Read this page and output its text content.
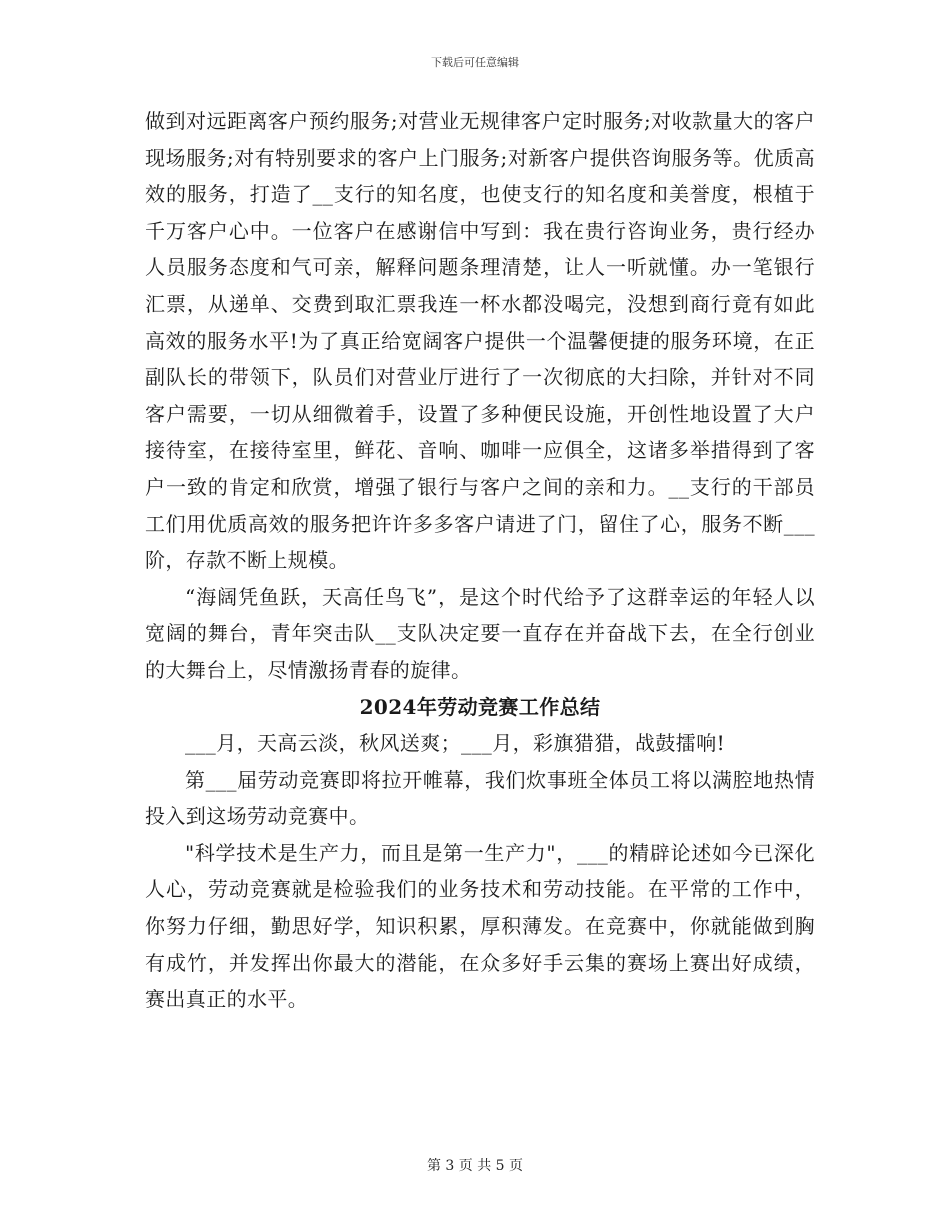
下载后可任意编辑

做到对远距离客户预约服务;对营业无规律客户定时服务;对收款量大的客户现场服务;对有特别要求的客户上门服务;对新客户提供咨询服务等。优质高效的服务，打造了__支行的知名度，也使支行的知名度和美誉度，根植于千万客户心中。一位客户在感谢信中写到：我在贵行咨询业务，贵行经办人员服务态度和气可亲，解释问题条理清楚，让人一听就懂。办一笔银行汇票，从递单、交费到取汇票我连一杯水都没喝完，没想到商行竟有如此高效的服务水平!为了真正给宽阔客户提供一个温馨便捷的服务环境，在正副队长的带领下，队员们对营业厅进行了一次彻底的大扫除，并针对不同客户需要，一切从细微着手，设置了多种便民设施，开创性地设置了大户接待室，在接待室里，鲜花、音响、咖啡一应俱全，这诸多举措得到了客户一致的肯定和欣赏，增强了银行与客户之间的亲和力。__支行的干部员工们用优质高效的服务把许许多多客户请进了门，留住了心，服务不断___阶，存款不断上规模。

“海阔凭鱼跃，天高任鸟飞”，是这个时代给予了这群幸运的年轻人以宽阔的舞台，青年突击队__支队决定要一直存在并奋战下去，在全行创业的大舞台上，尽情激扬青春的旋律。

2024年劳动竞赛工作总结

___月，天高云淡，秋风送爽；___月，彩旗猎猎，战鼓擂响!

第___届劳动竞赛即将拉开帷幕，我们炊事班全体员工将以满腔地热情投入到这场劳动竞赛中。

"科学技术是生产力，而且是第一生产力"，___的精辟论述如今已深化人心，劳动竞赛就是检验我们的业务技术和劳动技能。在平常的工作中，你努力仔细，勤思好学，知识积累，厚积薄发。在竞赛中，你就能做到胸有成竹，并发挥出你最大的潜能，在众多好手云集的赛场上赛出好成绩，赛出真正的水平。

第 3 页 共 5 页
